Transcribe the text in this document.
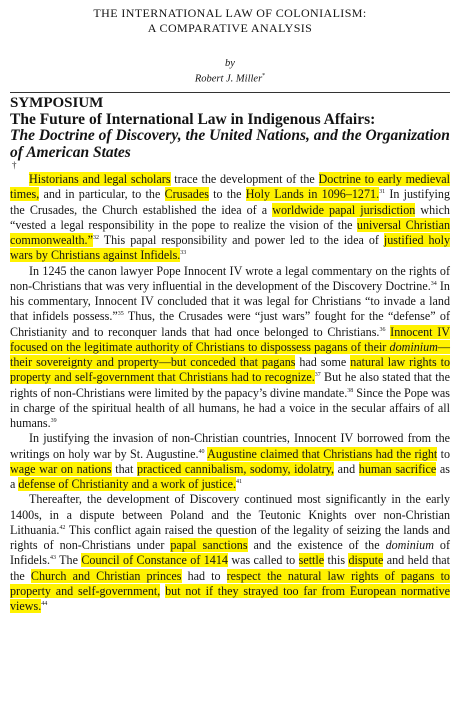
THE INTERNATIONAL LAW OF COLONIALISM:
A COMPARATIVE ANALYSIS
by
Robert J. Miller*
SYMPOSIUM
The Future of International Law in Indigenous Affairs:
The Doctrine of Discovery, the United Nations, and the Organization of American States
†

Historians and legal scholars trace the development of the Doctrine to early medieval times, and in particular, to the Crusades to the Holy Lands in 1096–1271.31 In justifying the Crusades, the Church established the idea of a worldwide papal jurisdiction which “vested a legal responsibility in the pope to realize the vision of the universal Christian commonwealth.”$^{32}$ This papal responsibility and power led to the idea of justified holy wars by Christians against Infidels.$^{33}$

In 1245 the canon lawyer Pope Innocent IV wrote a legal commentary on the rights of non-Christians that was very influential in the development of the Discovery Doctrine.$^{34}$ In his commentary, Innocent IV concluded that it was legal for Christians “to invade a land that infidels possess.”$^{35}$ Thus, the Crusades were “just wars” fought for the “defense” of Christianity and to reconquer lands that had once belonged to Christians.$^{36}$ Innocent IV focused on the legitimate authority of Christians to dispossess pagans of their dominium—their sovereignty and property—but conceded that pagans had some natural law rights to property and self-government that Christians had to recognize.$^{37}$ But he also stated that the rights of non-Christians were limited by the papacy’s divine mandate.$^{38}$ Since the Pope was in charge of the spiritual health of all humans, he had a voice in the secular affairs of all humans.$^{39}$

In justifying the invasion of non-Christian countries, Innocent IV borrowed from the writings on holy war by St. Augustine.$^{40}$ Augustine claimed that Christians had the right to wage war on nations that practiced cannibalism, sodomy, idolatry, and human sacrifice as a defense of Christianity and a work of justice.$^{41}$

Thereafter, the development of Discovery continued most significantly in the early 1400s, in a dispute between Poland and the Teutonic Knights over non-Christian Lithuania.$^{42}$ This conflict again raised the question of the legality of seizing the lands and rights of non-Christians under papal sanctions and the existence of the dominium of Infidels.$^{43}$ The Council of Constance of 1414 was called to settle this dispute and held that the Church and Christian princes had to respect the natural law rights of pagans to property and self-government, but not if they strayed too far from European normative views.$^{44}$
